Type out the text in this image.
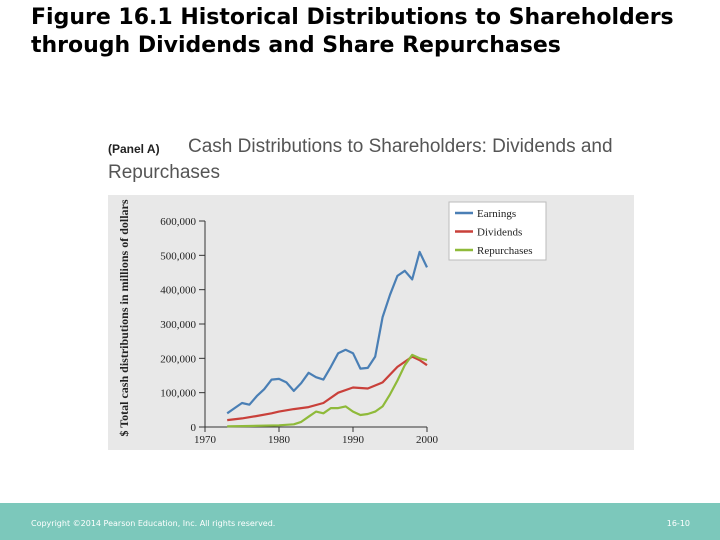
Figure 16.1 Historical Distributions to Shareholders through Dividends and Share Repurchases
Cash Distributions to Shareholders: Dividends and Repurchases
(Panel A)
0
100,000
200,000
300,000
400,000
500,000
600,000
1970	1980	1990	2000
Earnings
Dividends
Repurchases
$ Total cash distributions in millions of dollars
Copyright ©2014 Pearson Education, Inc. All rights reserved.	16-10
